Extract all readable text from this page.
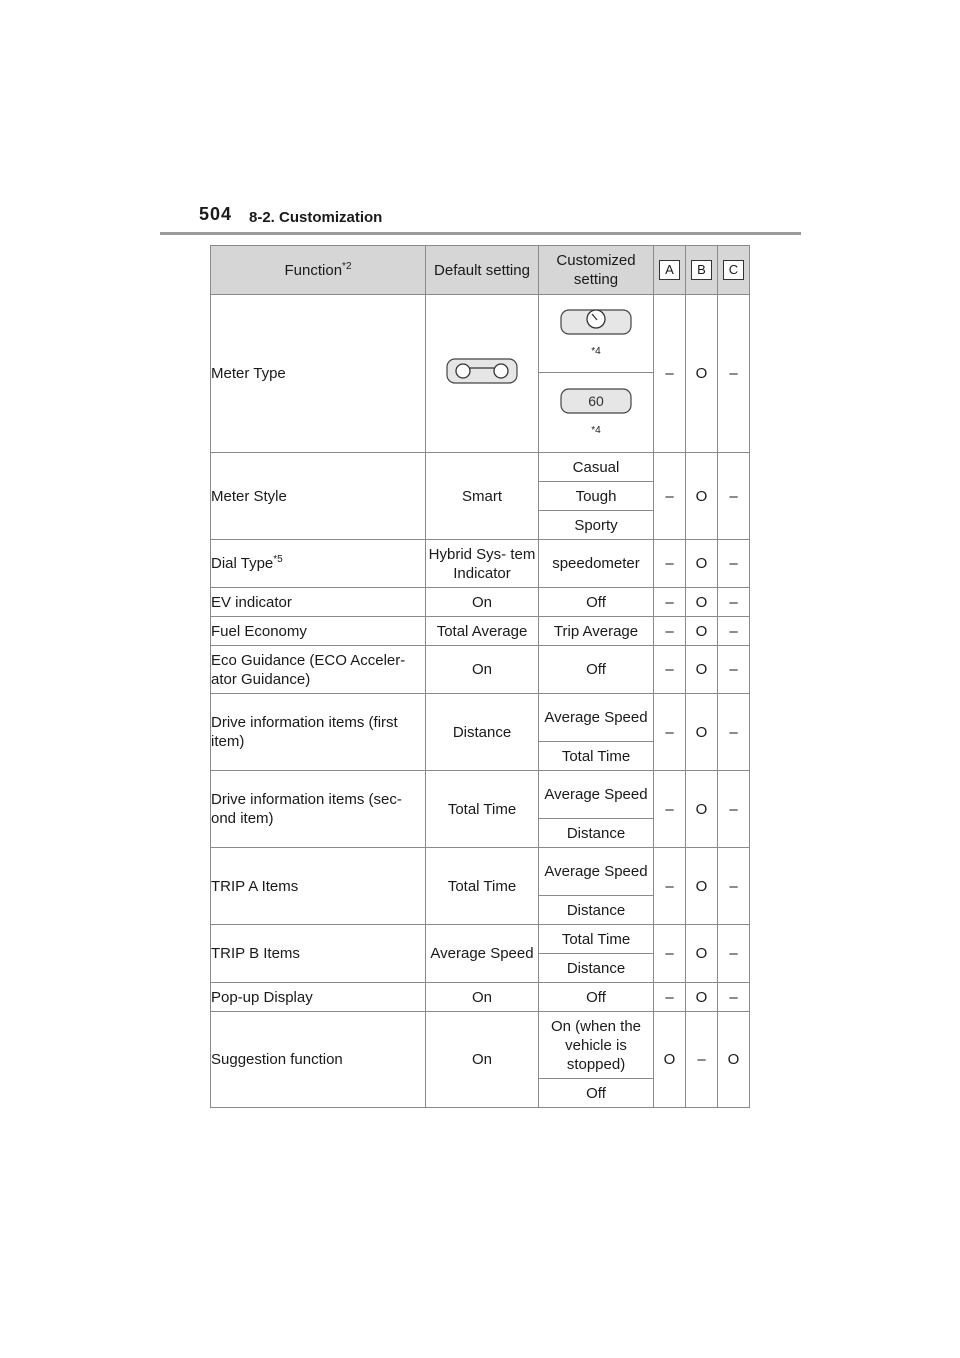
504 8-2. Customization
Function$^{*2}$	Default setting	Customized setting	A	B	C
Meter Type		*4	–	O	–

60
*4			

Meter Style	Smart	Casual	–	O	–
		Tough			
		Sporty			
Dial Type$^{*5}$	Hybrid Sys- tem Indicator	speedometer	–	O	–
EV indicator	On	Off	–	O	–
Fuel Economy	Total Average	Trip Average	–	O	–
Eco Guidance (ECO Acceler- ator Guidance)	On	Off	–	O	–
Drive information items (first item)	Distance	Average Speed	–	O	–
		Total Time			
Drive information items (sec- ond item)	Total Time	Average Speed	–	O	–
		Distance			
TRIP A Items	Total Time	Average Speed	–	O	–
		Distance			
TRIP B Items	Average Speed	Total Time	–	O	–
		Distance			
Pop-up Display	On	Off	–	O	–
Suggestion function	On	On (when the vehicle is stopped)	O	–	O
		Off			
